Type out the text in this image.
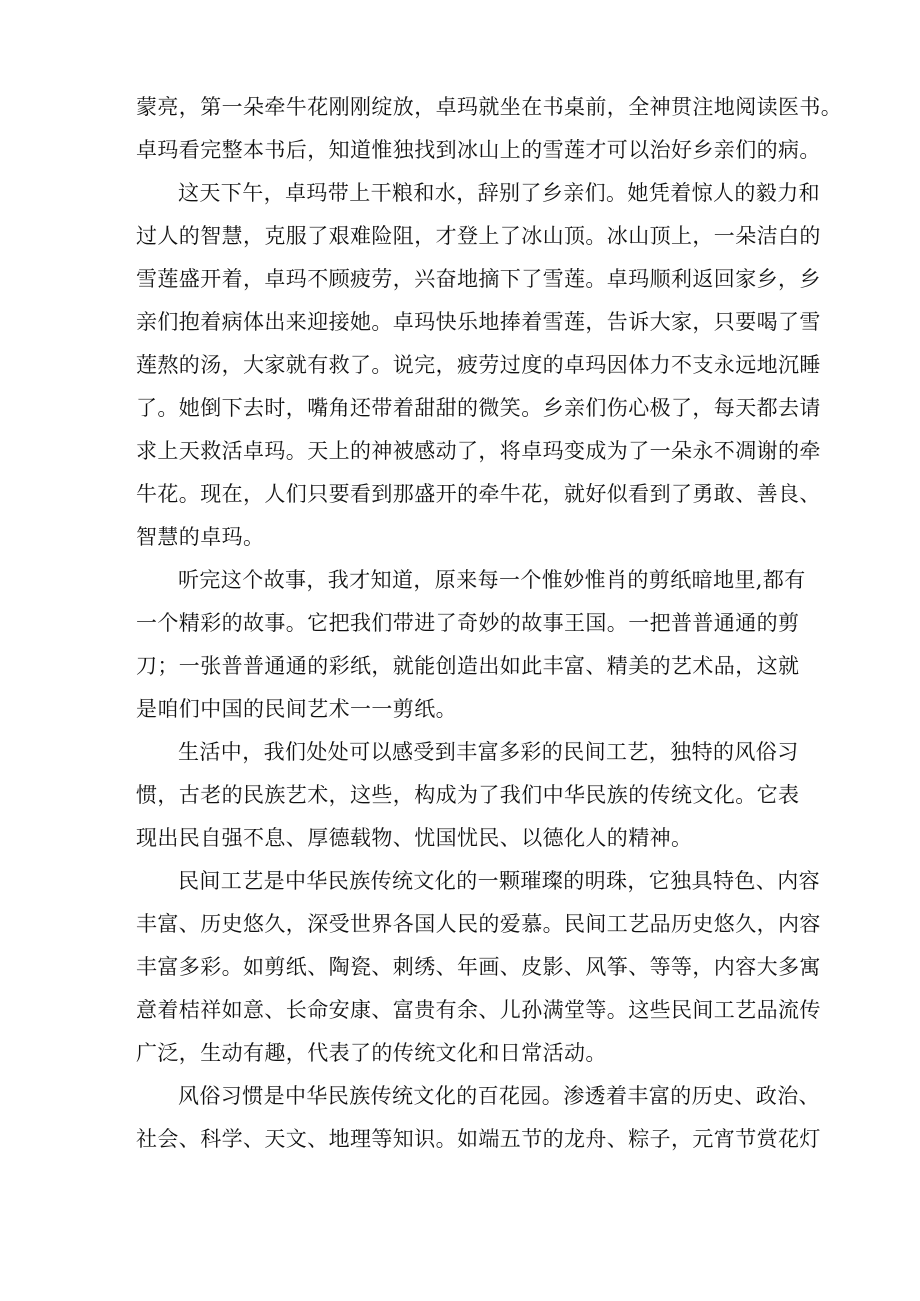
蒙亮，第一朵牵牛花刚刚绽放，卓玛就坐在书桌前，全神贯注地阅读医书。
卓玛看完整本书后，知道惟独找到冰山上的雪莲才可以治好乡亲们的病。
这天下午，卓玛带上干粮和水，辞别了乡亲们。她凭着惊人的毅力和
过人的智慧，克服了艰难险阻，才登上了冰山顶。冰山顶上，一朵洁白的
雪莲盛开着，卓玛不顾疲劳，兴奋地摘下了雪莲。卓玛顺利返回家乡，乡
亲们抱着病体出来迎接她。卓玛快乐地捧着雪莲，告诉大家，只要喝了雪
莲熬的汤，大家就有救了。说完，疲劳过度的卓玛因体力不支永远地沉睡
了。她倒下去时，嘴角还带着甜甜的微笑。乡亲们伤心极了，每天都去请
求上天救活卓玛。天上的神被感动了，将卓玛变成为了一朵永不凋谢的牵
牛花。现在，人们只要看到那盛开的牵牛花，就好似看到了勇敢、善良、
智慧的卓玛。
听完这个故事，我才知道，原来每一个惟妙惟肖的剪纸暗地里,都有
一个精彩的故事。它把我们带进了奇妙的故事王国。一把普普通通的剪
刀；一张普普通通的彩纸，就能创造出如此丰富、精美的艺术品，这就
是咱们中国的民间艺术一一剪纸。
生活中，我们处处可以感受到丰富多彩的民间工艺，独特的风俗习
惯，古老的民族艺术，这些，构成为了我们中华民族的传统文化。它表
现出民自强不息、厚德载物、忧国忧民、以德化人的精神。
民间工艺是中华民族传统文化的一颗璀璨的明珠，它独具特色、内容
丰富、历史悠久，深受世界各国人民的爱慕。民间工艺品历史悠久，内容
丰富多彩。如剪纸、陶瓷、刺绣、年画、皮影、风筝、等等，内容大多寓
意着桔祥如意、长命安康、富贵有余、儿孙满堂等。这些民间工艺品流传
广泛，生动有趣，代表了的传统文化和日常活动。
风俗习惯是中华民族传统文化的百花园。渗透着丰富的历史、政治、
社会、科学、天文、地理等知识。如端五节的龙舟、粽子，元宵节赏花灯
